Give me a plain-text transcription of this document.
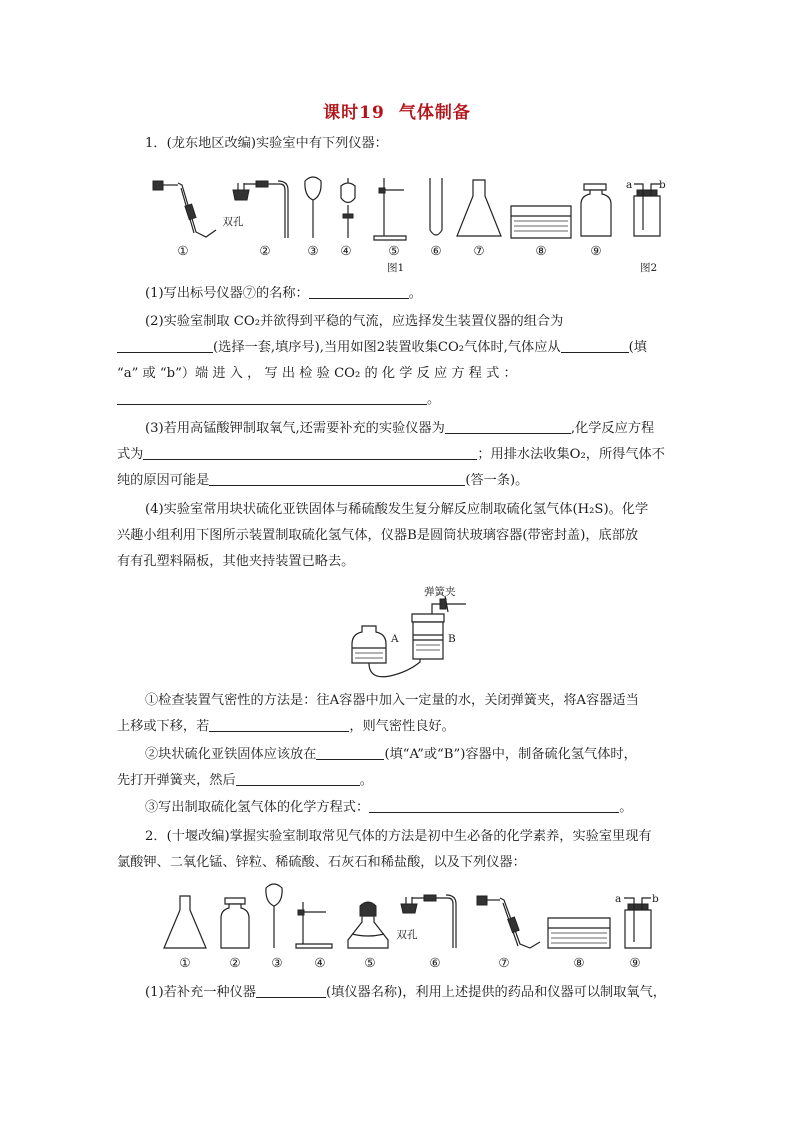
课时19 气体制备
1．(龙东地区改编)实验室中有下列仪器：
双孔
a	b
①	②	③	④	⑤	⑥	⑦	⑧	⑨
图1	图2
(1)写出标号仪器⑦的名称：	。
(2)实验室制取 CO₂并欲得到平稳的气流，应选择发生装置仪器的组合为
(选择一套,填序号),当用如图2装置收集CO₂气体时,气体应从	(填
“a” 或 “b”）端 进 入 ， 写 出 检 验 CO₂ 的 化 学 反 应 方 程 式 ：
。
(3)若用高锰酸钾制取氧气,还需要补充的实验仪器为	,化学反应方程
式为	；用排水法收集O₂，所得气体不
纯的原因可能是	(答一条)。
(4)实验室常用块状硫化亚铁固体与稀硫酸发生复分解反应制取硫化氢气体(H₂S)。化学
兴趣小组利用下图所示装置制取硫化氢气体，仪器B是圆筒状玻璃容器(带密封盖)，底部放
有有孔塑料隔板，其他夹持装置已略去。
弹簧夹
A	B
①检查装置气密性的方法是：往A容器中加入一定量的水，关闭弹簧夹，将A容器适当
上移或下移，若	，则气密性良好。
②块状硫化亚铁固体应该放在	(填“A”或“B”)容器中，制备硫化氢气体时，
先打开弹簧夹，然后	。
③写出制取硫化氢气体的化学方程式：	。
2．(十堰改编)掌握实验室制取常见气体的方法是初中生必备的化学素养，实验室里现有
氯酸钾、二氧化锰、锌粒、稀硫酸、石灰石和稀盐酸，以及下列仪器：
双孔
a	b
①	②	③	④	⑤	⑥	⑦	⑧	⑨
(1)若补充一种仪器	(填仪器名称)，利用上述提供的药品和仪器可以制取氧气，
